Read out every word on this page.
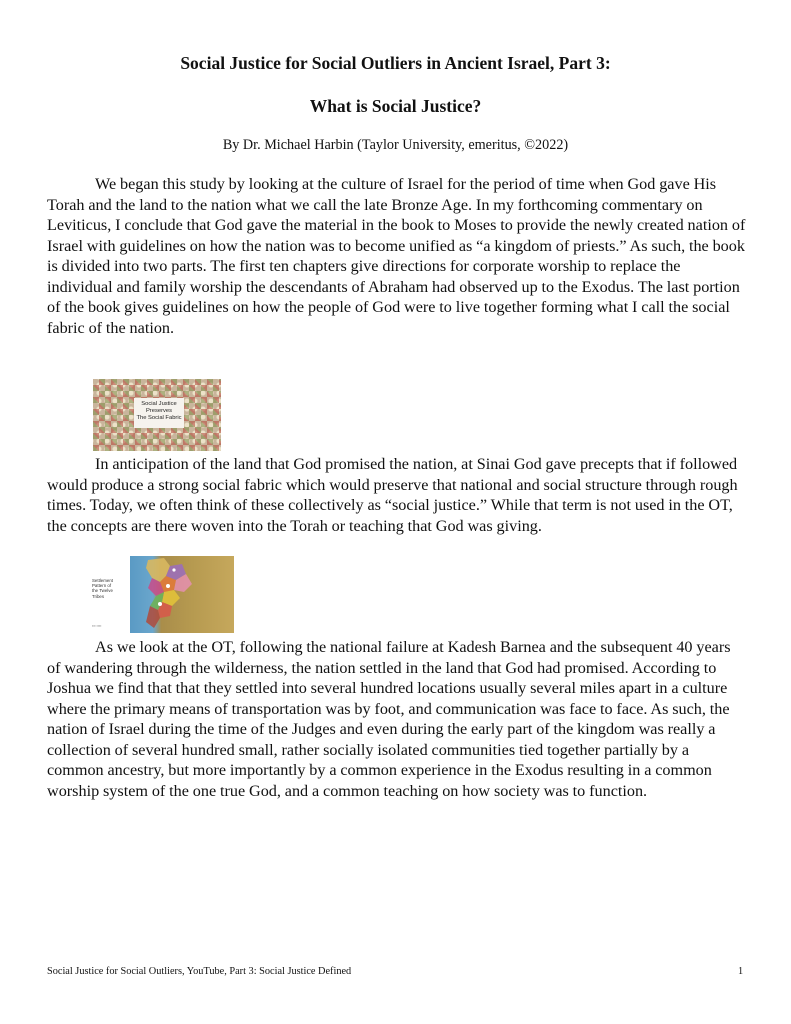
Social Justice for Social Outliers in Ancient Israel, Part 3:
What is Social Justice?
By Dr. Michael Harbin (Taylor University, emeritus, ©2022)

We began this study by looking at the culture of Israel for the period of time when God gave His Torah and the land to the nation what we call the late Bronze Age. In my forthcoming commentary on Leviticus, I conclude that God gave the material in the book to Moses to provide the newly created nation of Israel with guidelines on how the nation was to become unified as “a kingdom of priests.” As such, the book is divided into two parts. The first ten chapters give directions for corporate worship to replace the individual and family worship the descendants of Abraham had observed up to the Exodus. The last portion of the book gives guidelines on how the people of God were to live together forming what I call the social fabric of the nation.

Social Justice
Preserves
The Social Fabric

In anticipation of the land that God promised the nation, at Sinai God gave precepts that if followed would produce a strong social fabric which would preserve that national and social structure through rough times. Today, we often think of these collectively as “social justice.” While that term is not used in the OT, the concepts are there woven into the Torah or teaching that God was giving.

Settlement
Pattern of
the Twelve
Tribes
▪▪▪ ▪▪▪▪

As we look at the OT, following the national failure at Kadesh Barnea and the subsequent 40 years of wandering through the wilderness, the nation settled in the land that God had promised. According to Joshua we find that that they settled into several hundred locations usually several miles apart in a culture where the primary means of transportation was by foot, and communication was face to face. As such, the nation of Israel during the time of the Judges and even during the early part of the kingdom was really a collection of several hundred small, rather socially isolated communities tied together partially by a common ancestry, but more importantly by a common experience in the Exodus resulting in a common worship system of the one true God, and a common teaching on how society was to function.

Social Justice for Social Outliers, YouTube, Part 3: Social Justice Defined	1
